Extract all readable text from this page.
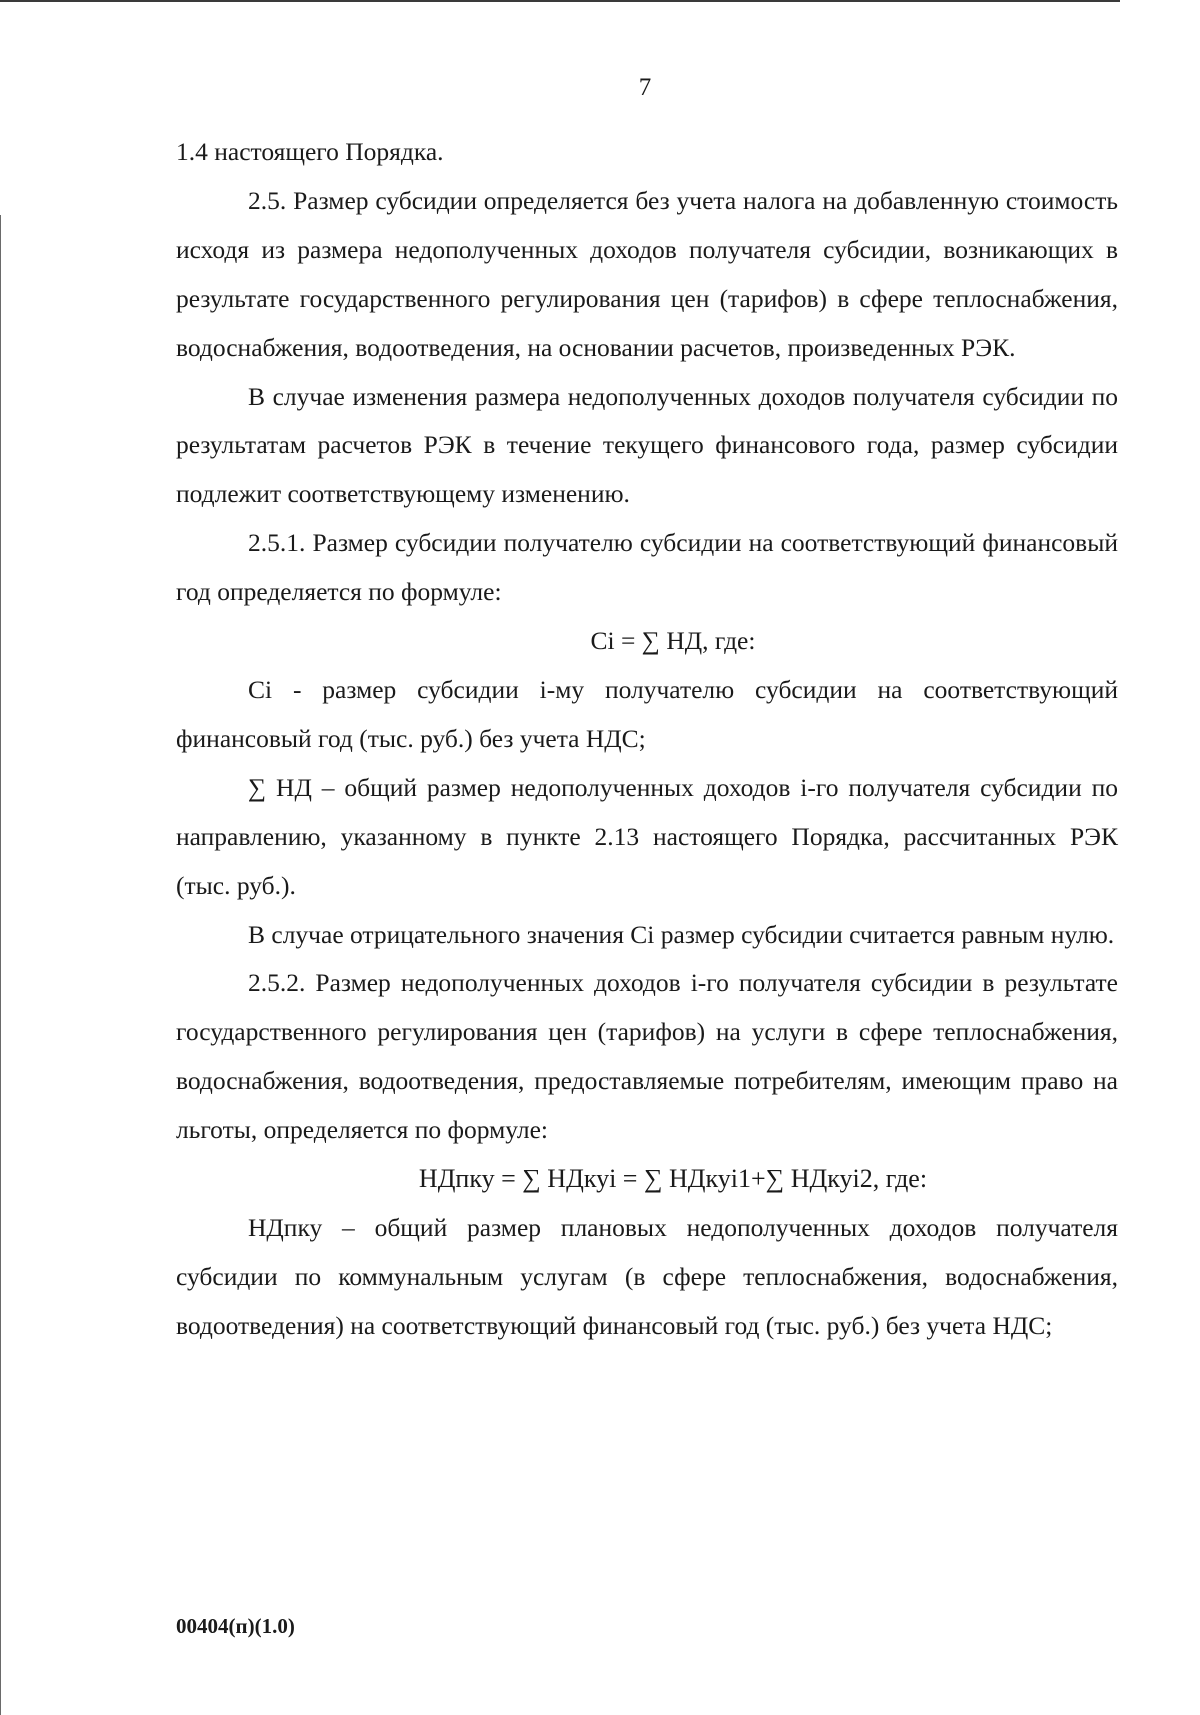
7

1.4 настоящего Порядка.

2.5. Размер субсидии определяется без учета налога на добавленную стоимость исходя из размера недополученных доходов получателя субсидии, возникающих в результате государственного регулирования цен (тарифов) в сфере теплоснабжения, водоснабжения, водоотведения, на основании расчетов, произведенных РЭК.

В случае изменения размера недополученных доходов получателя субсидии по результатам расчетов РЭК в течение текущего финансового года, размер субсидии подлежит соответствующему изменению.

2.5.1. Размер субсидии получателю субсидии на соответствующий финансовый год определяется по формуле:

Ci = ∑ НД, где:

Ci - размер субсидии i-му получателю субсидии на соответствующий финансовый год (тыс. руб.) без учета НДС;

∑ НД – общий размер недополученных доходов i-го получателя субсидии по направлению, указанному в пункте 2.13 настоящего Порядка, рассчитанных РЭК (тыс. руб.).

В случае отрицательного значения Ci размер субсидии считается равным нулю.

2.5.2. Размер недополученных доходов i-го получателя субсидии в результате государственного регулирования цен (тарифов) на услуги в сфере теплоснабжения, водоснабжения, водоотведения, предоставляемые потребителям, имеющим право на льготы, определяется по формуле:

НДпку = ∑ НДкуi = ∑ НДкуi1+∑ НДкуi2, где:

НДпку – общий размер плановых недополученных доходов получателя субсидии по коммунальным услугам (в сфере теплоснабжения, водоснабжения, водоотведения) на соответствующий финансовый год (тыс. руб.) без учета НДС;

00404(п)(1.0)
